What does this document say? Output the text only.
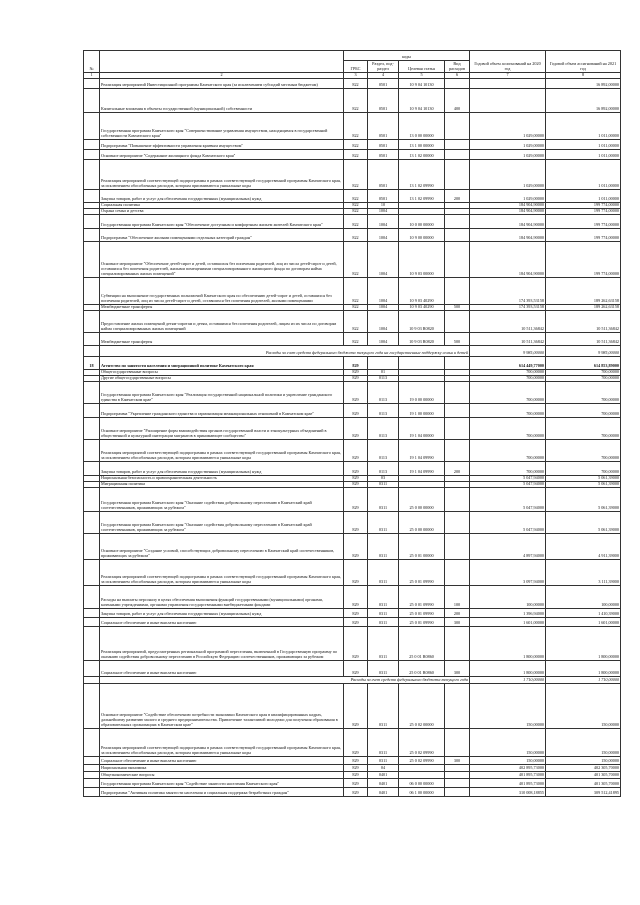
№		коды				Годовой объем ассигнований на 2020 год	Годовой объем ассигнований на 2021 год
		ГРБС	Раздел, под-раздел	Целевая статья	Вид расходов		
1	2	3	4	5	6	7	8
	Реализация мероприятий Инвестиционной программы Камчатского края (за исключением субсидий местным бюджетам)	822	0501	10 9 04 10130			16 892,00000
	Капитальные вложения в объекты государственной (муниципальной) собственности	822	0501	10 9 04 10130	400		16 892,00000
	Государственная программа Камчатского края "Совершенствование управления имуществом, находящимся в государственной собственности Камчатского края"	822	0501	13 0 00 00000		1 029,00000	1 011,00000
	Подпрограмма "Повышение эффективности управления краевым имуществом"	822	0501	13 1 00 00000		1 029,00000	1 011,00000
	Основное мероприятие "Содержание жилищного фонда Камчатского края"	822	0501	13 1 02 00000		1 029,00000	1 011,00000
	Реализация мероприятий соответствующей подпрограммы в рамках соответствующей государственной программы Камчатского края, за исключением обособленных расходов, которым присваиваются уникальные коды	822	0501	13 1 02 09990		1 029,00000	1 011,00000
	Закупка товаров, работ и услуг для обеспечения государственных (муниципальных) нужд	822	0501	13 1 02 09990	200	1 029,00000	1 011,00000
	Социальная политика	822	10			184 904,90000	199 774,00000
	Охрана семьи и детства	822	1004			184 904,90000	199 774,00000
	Государственная программа Камчатского края "Обеспечение доступным и комфортным жильем жителей Камчатского края"	822	1004	10 0 00 00000		184 904,90000	199 774,00000
	Подпрограмма "Обеспечение жилыми помещениями отдельных категорий граждан"	822	1004	10 9 00 00000		184 904,90000	199 774,00000
	Основное мероприятие "Обеспечение детей-сирот и детей, оставшихся без попечения родителей, лиц из числа детей-сирот и детей, оставшихся без попечения родителей, жилыми помещениями специализированного жилищного фонда по договорам найма специализированных жилых помещений"	822	1004	10 9 03 00000		184 904,90000	199 774,00000
	Субвенции на выполнение государственных полномочий Камчатского края по обеспечению детей-сирот и детей, оставшихся без попечения родителей, лиц из числа детей-сирот и детей, оставшихся без попечения родителей, жилыми помещениями	822	1004	10 9 03 40290		174 393,53158	189 262,63158
	Межбюджетные трансферты	822	1004	10 9 03 40290	500	174 393,53158	189 262,63158
	Предоставление жилых помещений детям-сиротам и детям, оставшимся без попечения родителей, лицам из их числа по договорам найма специализированных жилых помещений	822	1004	10 9 03 R0820		10 511,36842	10 511,36842
	Межбюджетные трансферты	822	1004	10 9 03 R0820	500	10 511,36842	10 511,36842
	Расходы за счет средств федерального бюджета текущего года на государственные поддержку семьи и детей					9 985,00000	9 985,00000
18	Агентство по занятости населения и миграционной политике Камчатского края	829				614 449,77000	614 853,89000
	Общегосударственные вопросы	829	01			700,00000	700,00000
	Другие общегосударственные вопросы	829	0113			700,00000	700,00000
	Государственная программа Камчатского края "Реализация государственной национальной политики и укрепление гражданского единства в Камчатском крае"	829	0113	19 0 00 00000		700,00000	700,00000
	Подпрограмма "Укрепление гражданского единства и гармонизация межнациональных отношений в Камчатском крае"	829	0113	19 1 00 00000		700,00000	700,00000
	Основное мероприятие "Расширение форм взаимодействия органов государственной власти и этнокультурных объединений в общественной и культурной интеграции мигрантов в принимающее сообщество"	829	0113	19 1 04 00000		700,00000	700,00000
	Реализация мероприятий соответствующей подпрограммы в рамках соответствующей государственной программы Камчатского края, за исключением обособленных расходов, которым присваиваются уникальные коды	829	0113	19 1 04 09990		700,00000	700,00000
	Закупка товаров, работ и услуг для обеспечения государственных (муниципальных) нужд	829	0113	19 1 04 09990	200	700,00000	700,00000
	Национальная безопасность и правоохранительная деятельность	829	03			5 047,94000	5 061,39000
	Миграционная политика	829	0311			5 047,94000	5 061,39000
	Государственная программа Камчатского края "Оказание содействия добровольному переселению в Камчатский край соотечественников, проживающих за рубежом"	829	0311	25 0 00 00000		5 047,94000	5 061,39000
	Государственная программа Камчатского края "Оказание содействия добровольному переселению в Камчатский край соотечественников, проживающих за рубежом"	829	0311	25 0 00 00000		5 047,94000	5 061,39000
	Основное мероприятие "Создание условий, способствующих добровольному переселению в Камчатский край соотечественников, проживающих за рубежом"	829	0311	25 0 01 00000		4 897,94000	4 911,39000
	Реализация мероприятий соответствующей подпрограммы в рамках соответствующей государственной программы Камчатского края, за исключением обособленных расходов, которым присваиваются уникальные коды	829	0311	25 0 01 09990		3 097,94000	3 111,39000
	Расходы на выплаты персоналу в целях обеспечения выполнения функций государственными (муниципальными) органами, казенными учреждениями, органами управления государственными внебюджетными фондами	829	0311	25 0 01 09990	100	100,00000	100,00000
	Закупка товаров, работ и услуг для обеспечения государственных (муниципальных) нужд	829	0311	25 0 01 09990	200	1 396,94000	1 410,39000
	Социальное обеспечение и иные выплаты населению	829	0311	25 0 01 09990	300	1 601,00000	1 601,00000
	Реализация мероприятий, предусмотренных региональной программой переселения, включенной в Государственную программу по оказанию содействия добровольному переселению в Российскую Федерацию соотечественников, проживающих за рубежом	829	0311	25 0 01 R0860		1 800,00000	1 800,00000
	Социальное обеспечение и иные выплаты населению	829	0311	25 0 01 R0860	300	1 800,00000	1 800,00000
	Расходы за счет средств федерального бюджета текущего года					1 710,00000	1 710,00000
	Основное мероприятие "Содействие обеспечению потребности экономики Камчатского края в квалифицированных кадрах, дальнейшему развитию малого и среднего предпринимательства. Привлечение талантливой молодежи для получения образования в образовательных организациях в Камчатском крае"	829	0311	25 0 02 00000		150,00000	150,00000
	Реализация мероприятий соответствующей подпрограммы в рамках соответствующей государственной программы Камчатского края, за исключением обособленных расходов, которым присваиваются уникальные коды	829	0311	25 0 02 09990		150,00000	150,00000
	Социальное обеспечение и иные выплаты населению	829	0311	25 0 02 09990	300	150,00000	150,00000
	Национальная экономика	829	04			402 895,73000	402 305,70000
	Общеэкономические вопросы	829	0401			401 895,73000	401 305,70000
	Государственная программа Камчатского края "Содействие занятости населения Камчатского края"	829	0401	06 0 00 00000		401 895,73000	401 305,70000
	Подпрограмма "Активная политика занятости населения и социальная поддержка безработных граждан"	829	0401	06 1 00 00000		310 008,18855	309 512,41895
